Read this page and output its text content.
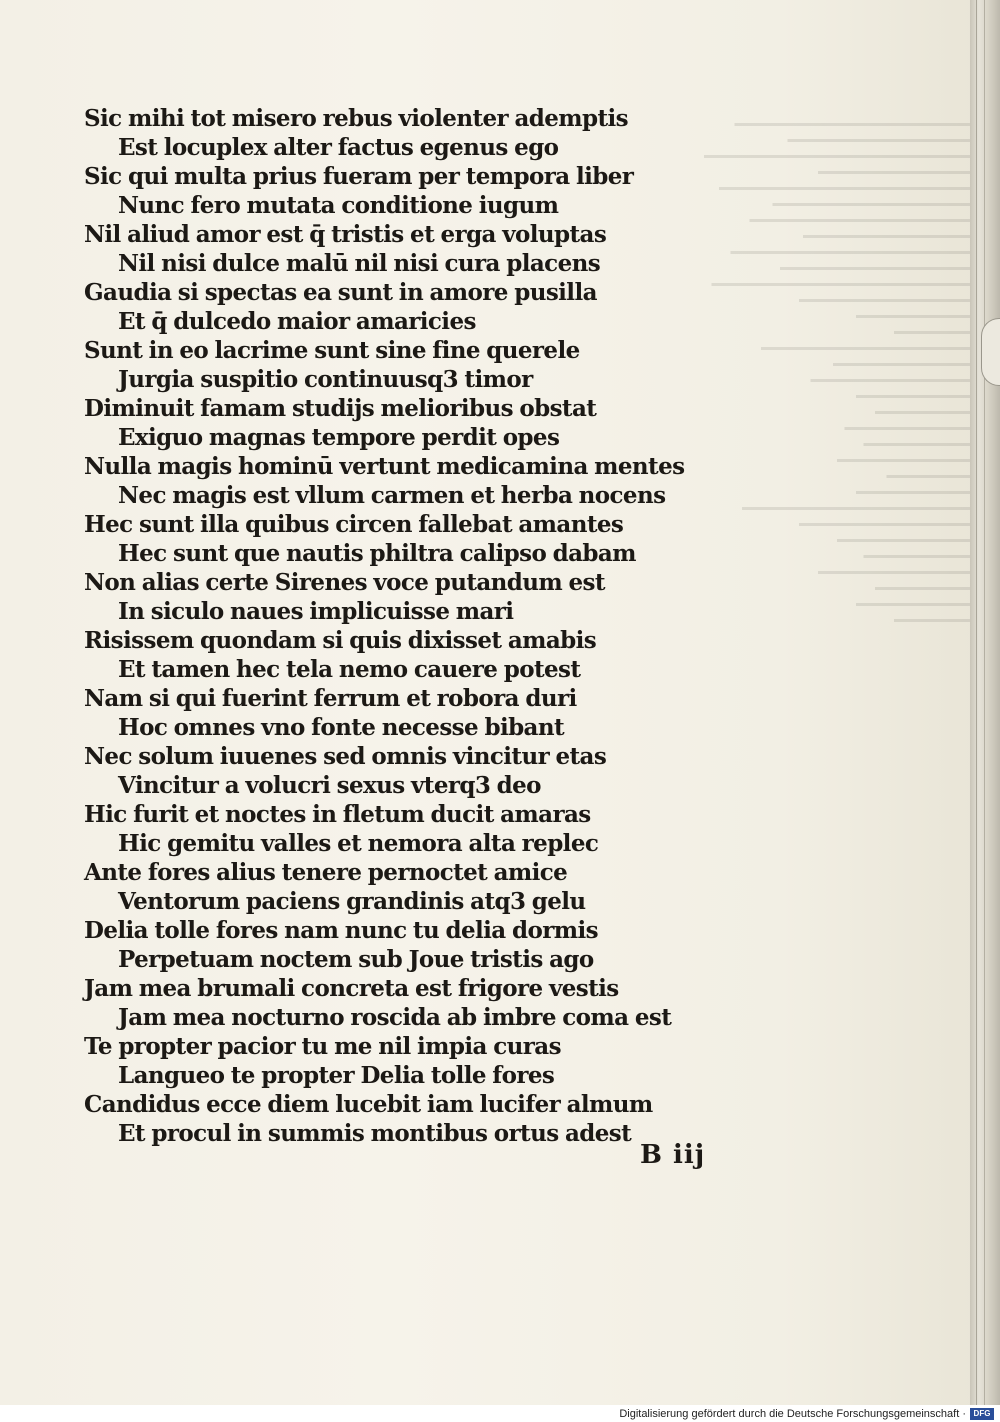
Sic mihi tot misero rebus violenter ademptis
Est locuplex alter factus egenus ego
Sic qui multa prius fueram per tempora liber
Nunc fero mutata conditione iugum
Nil aliud amor est q̄ tristis et erga voluptas
Nil nisi dulce malū nil nisi cura placens
Gaudia si spectas ea sunt in amore pusilla
Et q̄ dulcedo maior amaricies
Sunt in eo lacrime sunt sine fine querele
Jurgia suspitio continuusq3 timor
Diminuit famam studijs melioribus obstat
Exiguo magnas tempore perdit opes
Nulla magis hominū vertunt medicamina mentes
Nec magis est vllum carmen et herba nocens
Hec sunt illa quibus circen fallebat amantes
Hec sunt que nautis philtra calipso dabam
Non alias certe Sirenes voce putandum est
In siculo naues implicuisse mari
Risissem quondam si quis dixisset amabis
Et tamen hec tela nemo cauere potest
Nam si qui fuerint ferrum et robora duri
Hoc omnes vno fonte necesse bibant
Nec solum iuuenes sed omnis vincitur etas
Vincitur a volucri sexus vterq3 deo
Hic furit et noctes in fletum ducit amaras
Hic gemitu valles et nemora alta replec
Ante fores alius tenere pernoctet amice
Ventorum paciens grandinis atq3 gelu
Delia tolle fores nam nunc tu delia dormis
Perpetuam noctem sub Joue tristis ago
Jam mea brumali concreta est frigore vestis
Jam mea nocturno roscida ab imbre coma est
Te propter pacior tu me nil impia curas
Langueo te propter Delia tolle fores
Candidus ecce diem lucebit iam lucifer almum
Et procul in summis montibus ortus adest
B iij
Digitalisierung gefördert durch die Deutsche Forschungsgemeinschaft · DFG
